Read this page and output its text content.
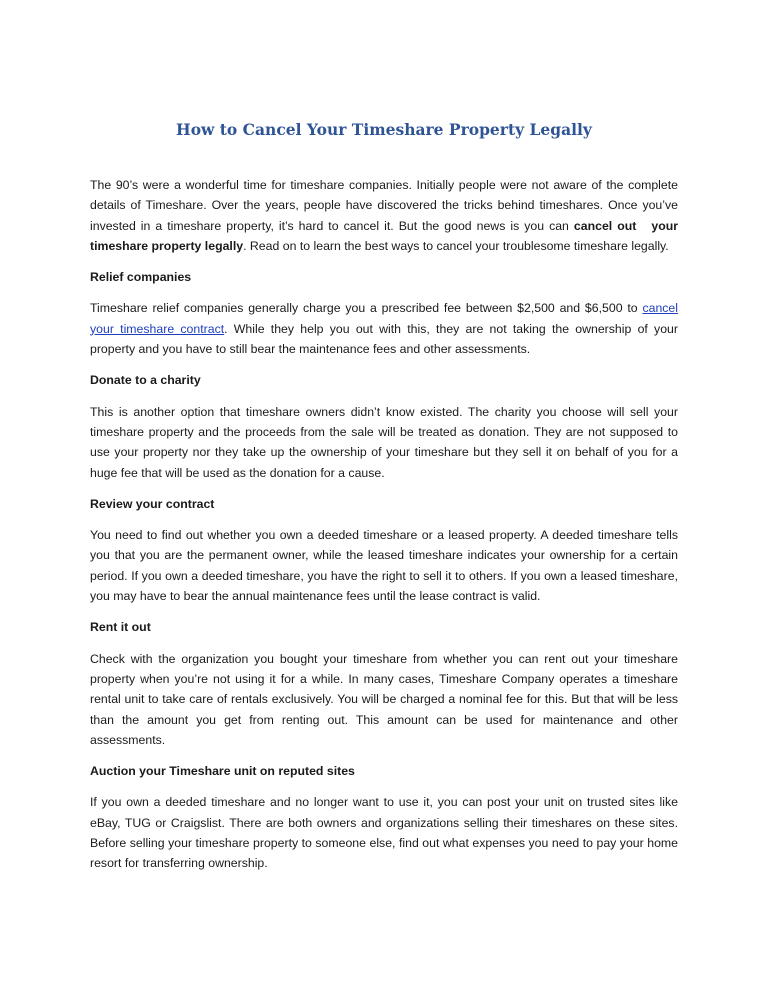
How to Cancel Your Timeshare Property Legally

The 90’s were a wonderful time for timeshare companies. Initially people were not aware of the complete details of Timeshare. Over the years, people have discovered the tricks behind timeshares. Once you’ve invested in a timeshare property, it’s hard to cancel it. But the good news is you can cancel out   your timeshare property legally. Read on to learn the best ways to cancel your troublesome timeshare legally.

Relief companies

Timeshare relief companies generally charge you a prescribed fee between $2,500 and $6,500 to cancel your timeshare contract. While they help you out with this, they are not taking the ownership of your property and you have to still bear the maintenance fees and other assessments.

Donate to a charity

This is another option that timeshare owners didn’t know existed. The charity you choose will sell your timeshare property and the proceeds from the sale will be treated as donation. They are not supposed to use your property nor they take up the ownership of your timeshare but they sell it on behalf of you for a huge fee that will be used as the donation for a cause.

Review your contract

You need to find out whether you own a deeded timeshare or a leased property. A deeded timeshare tells you that you are the permanent owner, while the leased timeshare indicates your ownership for a certain period. If you own a deeded timeshare, you have the right to sell it to others. If you own a leased timeshare, you may have to bear the annual maintenance fees until the lease contract is valid.

Rent it out

Check with the organization you bought your timeshare from whether you can rent out your timeshare property when you’re not using it for a while. In many cases, Timeshare Company operates a timeshare rental unit to take care of rentals exclusively. You will be charged a nominal fee for this. But that will be less than the amount you get from renting out. This amount can be used for maintenance and other assessments.

Auction your Timeshare unit on reputed sites

If you own a deeded timeshare and no longer want to use it, you can post your unit on trusted sites like eBay, TUG or Craigslist. There are both owners and organizations selling their timeshares on these sites. Before selling your timeshare property to someone else, find out what expenses you need to pay your home resort for transferring ownership.
